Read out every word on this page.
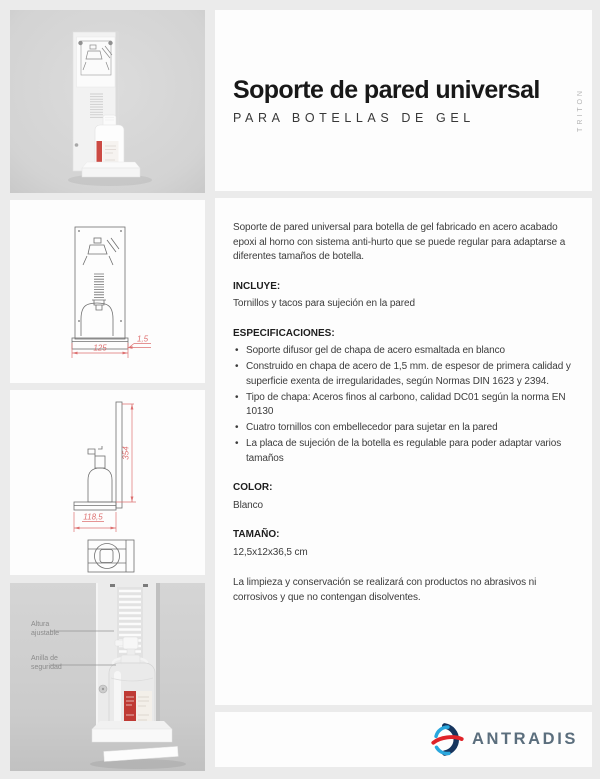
125
1,5
354
118,5
Altura ajustable
Anilla de seguridad
Soporte de pared universal
PARA BOTELLAS DE GEL	TRITON

Soporte de pared universal para botella de gel fabricado en acero acabado epoxi al horno con sistema anti-hurto que se puede regular para adaptarse a diferentes tamaños de botella.

INCLUYE:

Tornillos y tacos para sujeción en la pared

ESPECIFICACIONES:
• Soporte difusor gel de chapa de acero esmaltada en blanco
• Construido en chapa de acero de 1,5 mm. de espesor de primera calidad y superficie exenta de irregularidades, según Normas DIN 1623 y 2394.
• Tipo de chapa: Aceros finos al carbono, calidad DC01 según la norma EN 10130
• Cuatro tornillos con embellecedor para sujetar en la pared
• La placa de sujeción de la botella es regulable para poder adaptar varios tamaños
COLOR:

Blanco

TAMAÑO:

12,5x12x36,5 cm

La limpieza y conservación se realizará con productos no abrasivos ni corrosivos y que no contengan disolventes.

ANTRADIS
